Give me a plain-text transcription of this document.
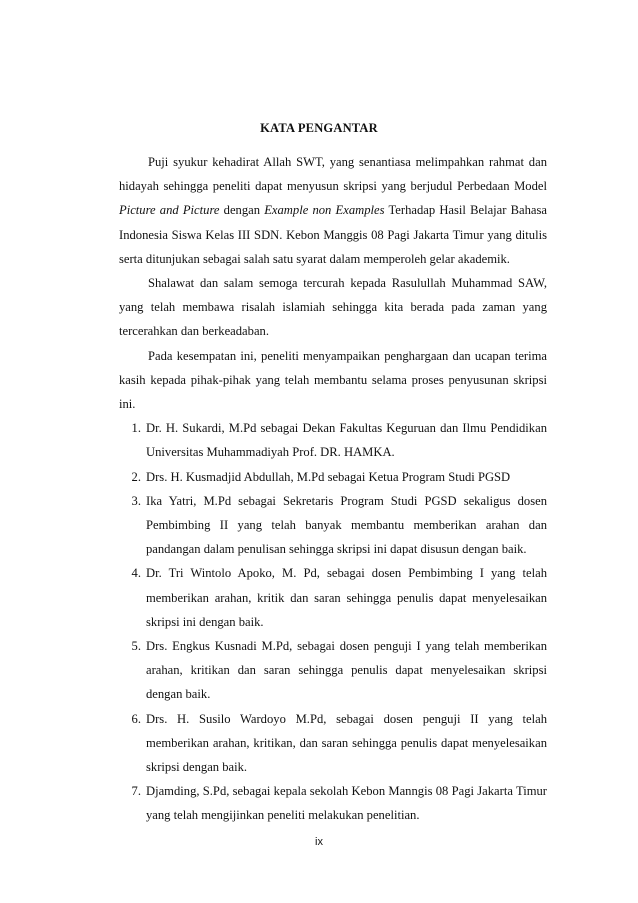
KATA PENGANTAR

Puji syukur kehadirat Allah SWT, yang senantiasa melimpahkan rahmat dan hidayah sehingga peneliti dapat menyusun skripsi yang berjudul Perbedaan Model Picture and Picture dengan Example non Examples Terhadap Hasil Belajar Bahasa Indonesia Siswa Kelas III SDN. Kebon Manggis 08 Pagi Jakarta Timur yang ditulis serta ditunjukan sebagai salah satu syarat dalam memperoleh gelar akademik.

Shalawat dan salam semoga tercurah kepada Rasulullah Muhammad SAW, yang telah membawa risalah islamiah sehingga kita berada pada zaman yang tercerahkan dan berkeadaban.

Pada kesempatan ini, peneliti menyampaikan penghargaan dan ucapan terima kasih kepada pihak-pihak yang telah membantu selama proses penyusunan skripsi ini.

1. Dr. H. Sukardi, M.Pd sebagai Dekan Fakultas Keguruan dan Ilmu Pendidikan Universitas Muhammadiyah Prof. DR. HAMKA.
2. Drs. H. Kusmadjid Abdullah, M.Pd sebagai Ketua Program Studi PGSD
3. Ika Yatri, M.Pd sebagai Sekretaris Program Studi PGSD sekaligus dosen Pembimbing II yang telah banyak membantu memberikan arahan dan pandangan dalam penulisan sehingga skripsi ini dapat disusun dengan baik.
4. Dr. Tri Wintolo Apoko, M. Pd, sebagai dosen Pembimbing I yang telah memberikan arahan, kritik dan saran sehingga penulis dapat menyelesaikan skripsi ini dengan baik.
5. Drs. Engkus Kusnadi M.Pd, sebagai dosen penguji I yang telah memberikan arahan, kritikan dan saran sehingga penulis dapat menyelesaikan skripsi dengan baik.
6. Drs. H. Susilo Wardoyo M.Pd, sebagai dosen penguji II yang telah memberikan arahan, kritikan, dan saran sehingga penulis dapat menyelesaikan skripsi dengan baik.
7. Djamding, S.Pd, sebagai kepala sekolah Kebon Manngis 08 Pagi Jakarta Timur yang telah mengijinkan peneliti melakukan penelitian.
ix
